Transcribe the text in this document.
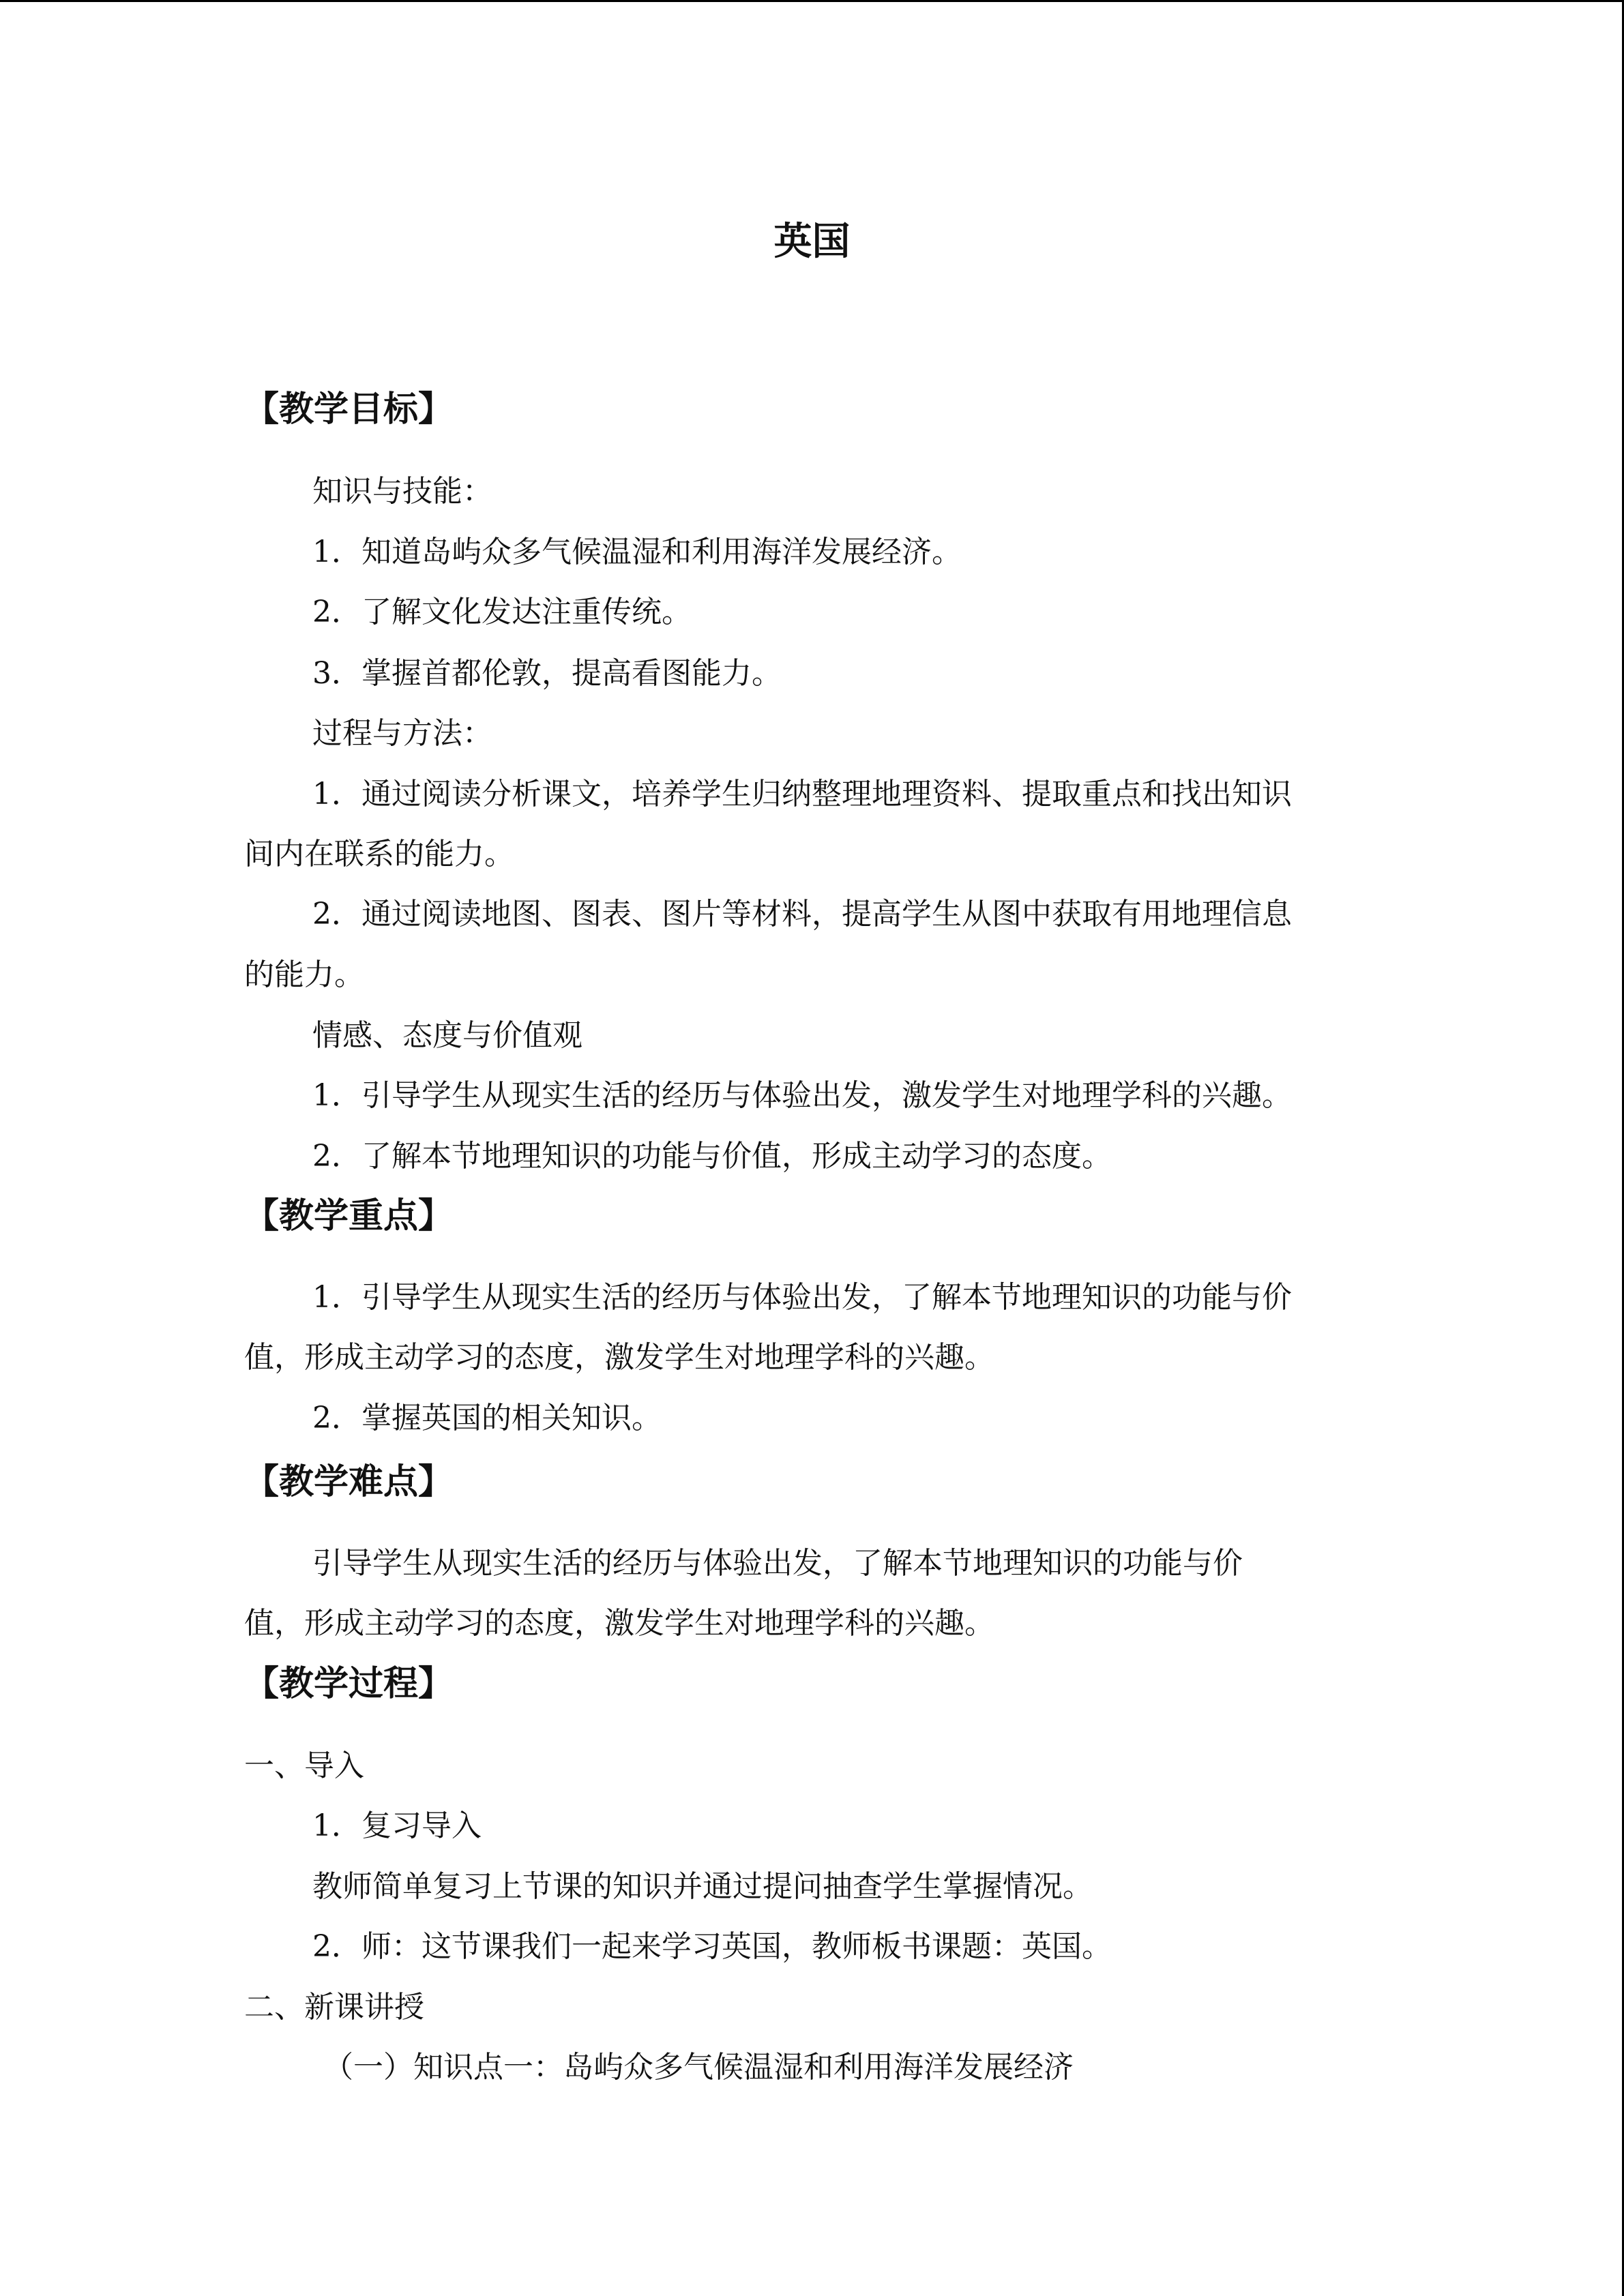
英国
【教学目标】

知识与技能：

1．知道岛屿众多气候温湿和利用海洋发展经济。

2．了解文化发达注重传统。

3．掌握首都伦敦，提高看图能力。

过程与方法：

1．通过阅读分析课文，培养学生归纳整理地理资料、提取重点和找出知识

间内在联系的能力。

2．通过阅读地图、图表、图片等材料，提高学生从图中获取有用地理信息

的能力。

情感、态度与价值观

1．引导学生从现实生活的经历与体验出发，激发学生对地理学科的兴趣。

2．了解本节地理知识的功能与价值，形成主动学习的态度。

【教学重点】

1．引导学生从现实生活的经历与体验出发，了解本节地理知识的功能与价

值，形成主动学习的态度，激发学生对地理学科的兴趣。

2．掌握英国的相关知识。

【教学难点】

引导学生从现实生活的经历与体验出发，了解本节地理知识的功能与价

值，形成主动学习的态度，激发学生对地理学科的兴趣。

【教学过程】

一、导入

1．复习导入

教师简单复习上节课的知识并通过提问抽查学生掌握情况。

2．师：这节课我们一起来学习英国，教师板书课题：英国。

二、新课讲授

（一）知识点一：岛屿众多气候温湿和利用海洋发展经济
